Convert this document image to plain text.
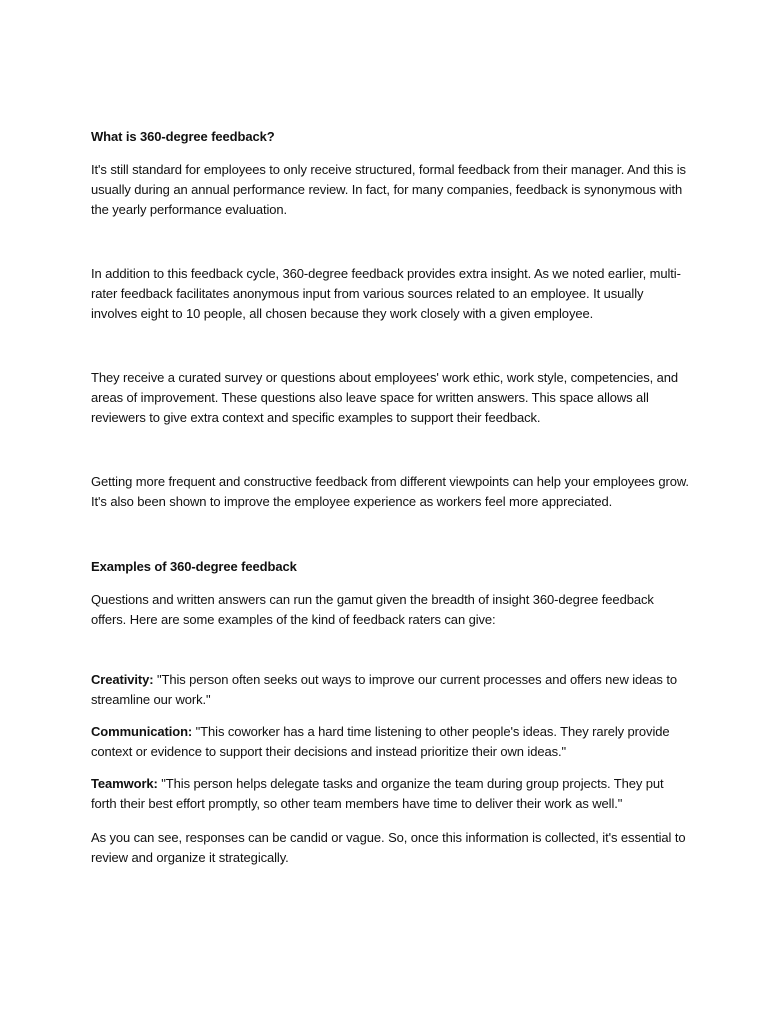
What is 360-degree feedback?

It's still standard for employees to only receive structured, formal feedback from their manager. And this is usually during an annual performance review. In fact, for many companies, feedback is synonymous with the yearly performance evaluation.

In addition to this feedback cycle, 360-degree feedback provides extra insight. As we noted earlier, multi-rater feedback facilitates anonymous input from various sources related to an employee. It usually involves eight to 10 people, all chosen because they work closely with a given employee.

They receive a curated survey or questions about employees' work ethic, work style, competencies, and areas of improvement. These questions also leave space for written answers. This space allows all reviewers to give extra context and specific examples to support their feedback.

Getting more frequent and constructive feedback from different viewpoints can help your employees grow. It's also been shown to improve the employee experience as workers feel more appreciated.

Examples of 360-degree feedback

Questions and written answers can run the gamut given the breadth of insight 360-degree feedback offers. Here are some examples of the kind of feedback raters can give:

Creativity: "This person often seeks out ways to improve our current processes and offers new ideas to streamline our work."

Communication: "This coworker has a hard time listening to other people's ideas. They rarely provide context or evidence to support their decisions and instead prioritize their own ideas."

Teamwork: "This person helps delegate tasks and organize the team during group projects. They put forth their best effort promptly, so other team members have time to deliver their work as well."

As you can see, responses can be candid or vague. So, once this information is collected, it's essential to review and organize it strategically.
